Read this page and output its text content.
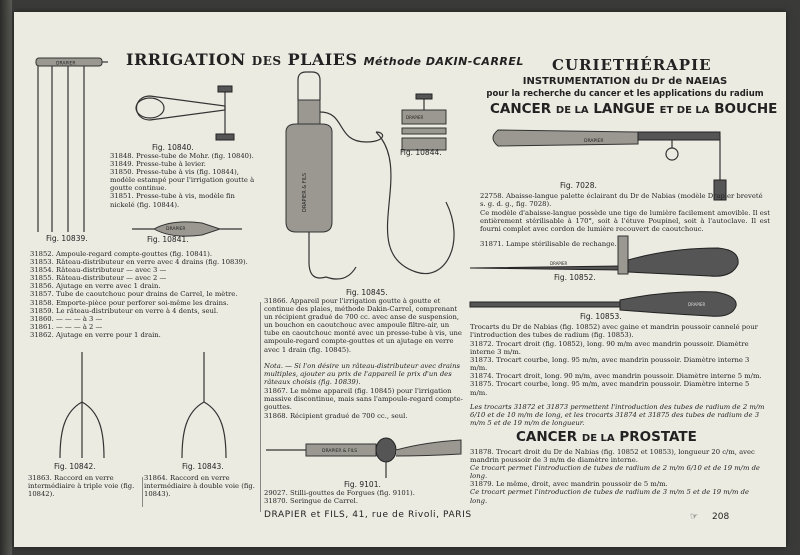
IRRIGATION DES PLAIES Méthode DAKIN-CARREL
DRAPIER
Fig. 10839.
Fig. 10840.

31848. Presse-tube de Mohr. (fig. 10840).

31849. Presse-tube à levier.

31850. Presse-tube à vis (fig. 10844), modèle estampé pour l'irrigation goutte à goutte continue.

31851. Presse-tube à vis, modèle fin nickelé (fig. 10844).

DRAPIER
Fig. 10841.

31852. Ampoule-regard compte-gouttes (fig. 10841).

31853. Râteau-distributeur en verre avec 4 drains (fig. 10839).

31854. Râteau-distributeur — avec 3 —

31855. Râteau-distributeur — avec 2 —

31856. Ajutage en verre avec 1 drain.

31857. Tube de caoutchouc pour drains de Carrel, le mètre.

31858. Emporte-pièce pour perforer soi-même les drains.

31859. Le râteau-distributeur en verre à 4 dents, seul.

31860. — — — à 3 —

31861. — — — à 2 —

31862. Ajutage en verre pour 1 drain.

Fig. 10842.	Fig. 10843.
31863. Raccord en verre intermédiaire à triple voie (fig. 10842).
31864. Raccord en verre intermédiaire à double voie (fig. 10843).
DRAPIER
Fig. 10844.
DRAPIER & FILS
Fig. 10845.
31866. Appareil pour l'irrigation goutte à goutte et continue des plaies, méthode Dakin-Carrel, comprenant un récipient gradué de 700 cc. avec anse de suspension, un bouchon en caoutchouc avec ampoule filtre-air, un tube en caoutchouc monté avec un presse-tube à vis, une ampoule-regard compte-gouttes et un ajutage en verre avec 1 drain (fig. 10845).
Nota. — Si l'on désire un râteau-distributeur avec drains multiples, ajouter au prix de l'appareil le prix d'un des râteaux choisis (fig. 10839).
31867. Le même appareil (fig. 10845) pour l'irrigation massive discontinue, mais sans l'ampoule-regard compte-gouttes.
31868. Récipient gradué de 700 cc., seul.
DRAPIER & FILS
Fig. 9101.
29027. Stilli-gouttes de Forgues (fig. 9101).
31870. Seringue de Carrel.
DRAPIER et FILS, 41, rue de Rivoli, PARIS
CURIETHÉRAPIE
INSTRUMENTATION du Dr de NAEIAS
pour la recherche du cancer et les applications du radium
CANCER DE LA LANGUE ET DE LA BOUCHE
DRAPIER
Fig. 7028.
22758. Abaisse-langue palette éclairant du Dr de Nabias (modèle Drapier breveté s. g. d. g., fig. 7028).
Ce modèle d'abaisse-langue possède une tige de lumière facilement amovible. Il est entièrement stérilisable à 170°, soit à l'étuve Poupinel, soit à l'autoclave. Il est fourni complet avec cordon de lumière recouvert de caoutchouc.
31871. Lampe stérilisable de rechange.
DRAPIER
Fig. 10852.
DRAPIER
Fig. 10853.
Trocarts du Dr de Nabias (fig. 10852) avec gaine et mandrin poussoir cannelé pour l'introduction des tubes de radium (fig. 10853).

31872. Trocart droit (fig. 10852), long. 90 m/m avec mandrin poussoir. Diamètre interne 3 m/m.

31873. Trocart courbe, long. 95 m/m, avec mandrin poussoir. Diamètre interne 3 m/m.

31874. Trocart droit, long. 90 m/m, avec mandrin poussoir. Diamètre interne 5 m/m.

31875. Trocart courbe, long. 95 m/m, avec mandrin poussoir. Diamètre interne 5 m/m.

Les trocarts 31872 et 31873 permettent l'introduction des tubes de radium de 2 m/m 6/10 et de 10 m/m de long, et les trocarts 31874 et 31875 des tubes de radium de 3 m/m 5 et de 19 m/m de longueur.
CANCER DE LA PROSTATE

31878. Trocart droit du Dr de Nabias (fig. 10852 et 10853), longueur 20 c/m, avec mandrin poussoir de 3 m/m de diamètre interne.

Ce trocart permet l'introduction de tubes de radium de 2 m/m 6/10 et de 19 m/m de long.

31879. Le même, droit, avec mandrin poussoir de 5 m/m.

Ce trocart permet l'introduction de tubes de radium de 3 m/m 5 et de 19 m/m de long.

☞ 208
